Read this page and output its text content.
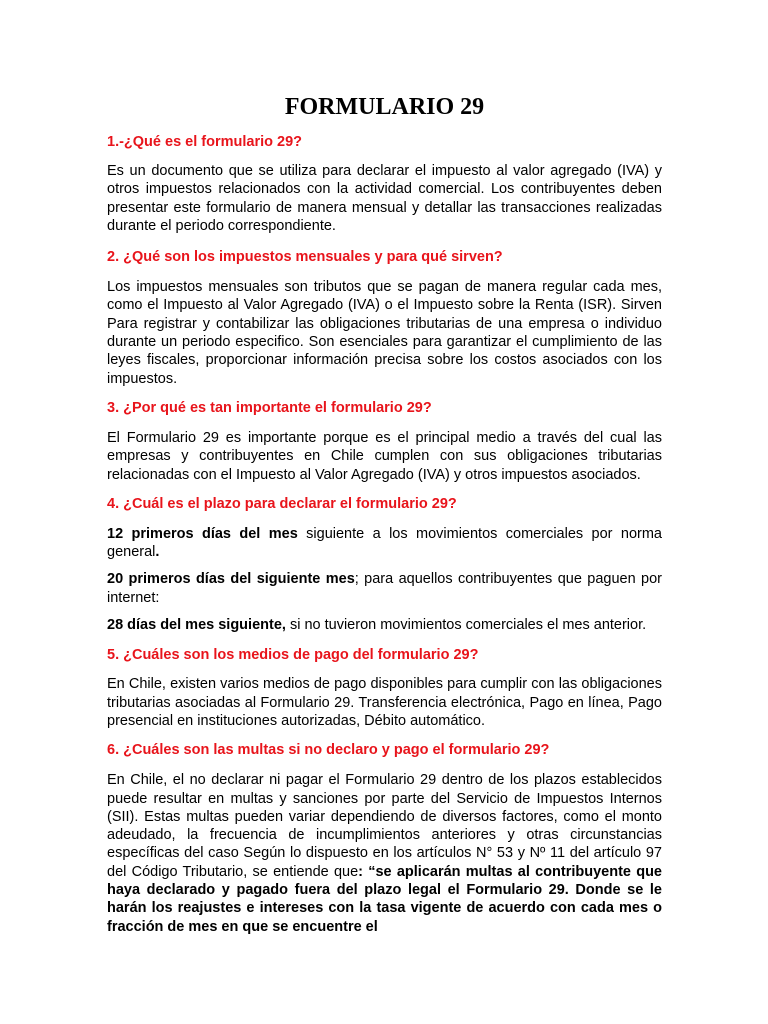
FORMULARIO 29

1.-¿Qué es el formulario 29?

Es un documento que se utiliza para declarar el impuesto al valor agregado (IVA) y otros impuestos relacionados con la actividad comercial. Los contribuyentes deben presentar este formulario de manera mensual y detallar las transacciones realizadas durante el periodo correspondiente.

2. ¿Qué son los impuestos mensuales y para qué sirven?

Los impuestos mensuales son tributos que se pagan de manera regular cada mes, como el Impuesto al Valor Agregado (IVA) o el Impuesto sobre la Renta (ISR). Sirven Para registrar y contabilizar las obligaciones tributarias de una empresa o individuo durante un periodo especifico. Son esenciales para garantizar el cumplimiento de las leyes fiscales, proporcionar información precisa sobre los costos asociados con los impuestos.

3. ¿Por qué es tan importante el formulario 29?

El Formulario 29 es importante porque es el principal medio a través del cual las empresas y contribuyentes en Chile cumplen con sus obligaciones tributarias relacionadas con el Impuesto al Valor Agregado (IVA) y otros impuestos asociados.

4. ¿Cuál es el plazo para declarar el formulario 29?

12 primeros días del mes siguiente a los movimientos comerciales por norma general.

20 primeros días del siguiente mes; para aquellos contribuyentes que paguen por internet:

28 días del mes siguiente, si no tuvieron movimientos comerciales el mes anterior.

5. ¿Cuáles son los medios de pago del formulario 29?

En Chile, existen varios medios de pago disponibles para cumplir con las obligaciones tributarias asociadas al Formulario 29. Transferencia electrónica, Pago en línea, Pago presencial en instituciones autorizadas, Débito automático.

6. ¿Cuáles son las multas si no declaro y pago el formulario 29?

En Chile, el no declarar ni pagar el Formulario 29 dentro de los plazos establecidos puede resultar en multas y sanciones por parte del Servicio de Impuestos Internos (SII). Estas multas pueden variar dependiendo de diversos factores, como el monto adeudado, la frecuencia de incumplimientos anteriores y otras circunstancias específicas del caso Según lo dispuesto en los artículos N° 53 y Nº 11 del artículo 97 del Código Tributario, se entiende que: “se aplicarán multas al contribuyente que haya declarado y pagado fuera del plazo legal el Formulario 29. Donde se le harán los reajustes e intereses con la tasa vigente de acuerdo con cada mes o fracción de mes en que se encuentre el
